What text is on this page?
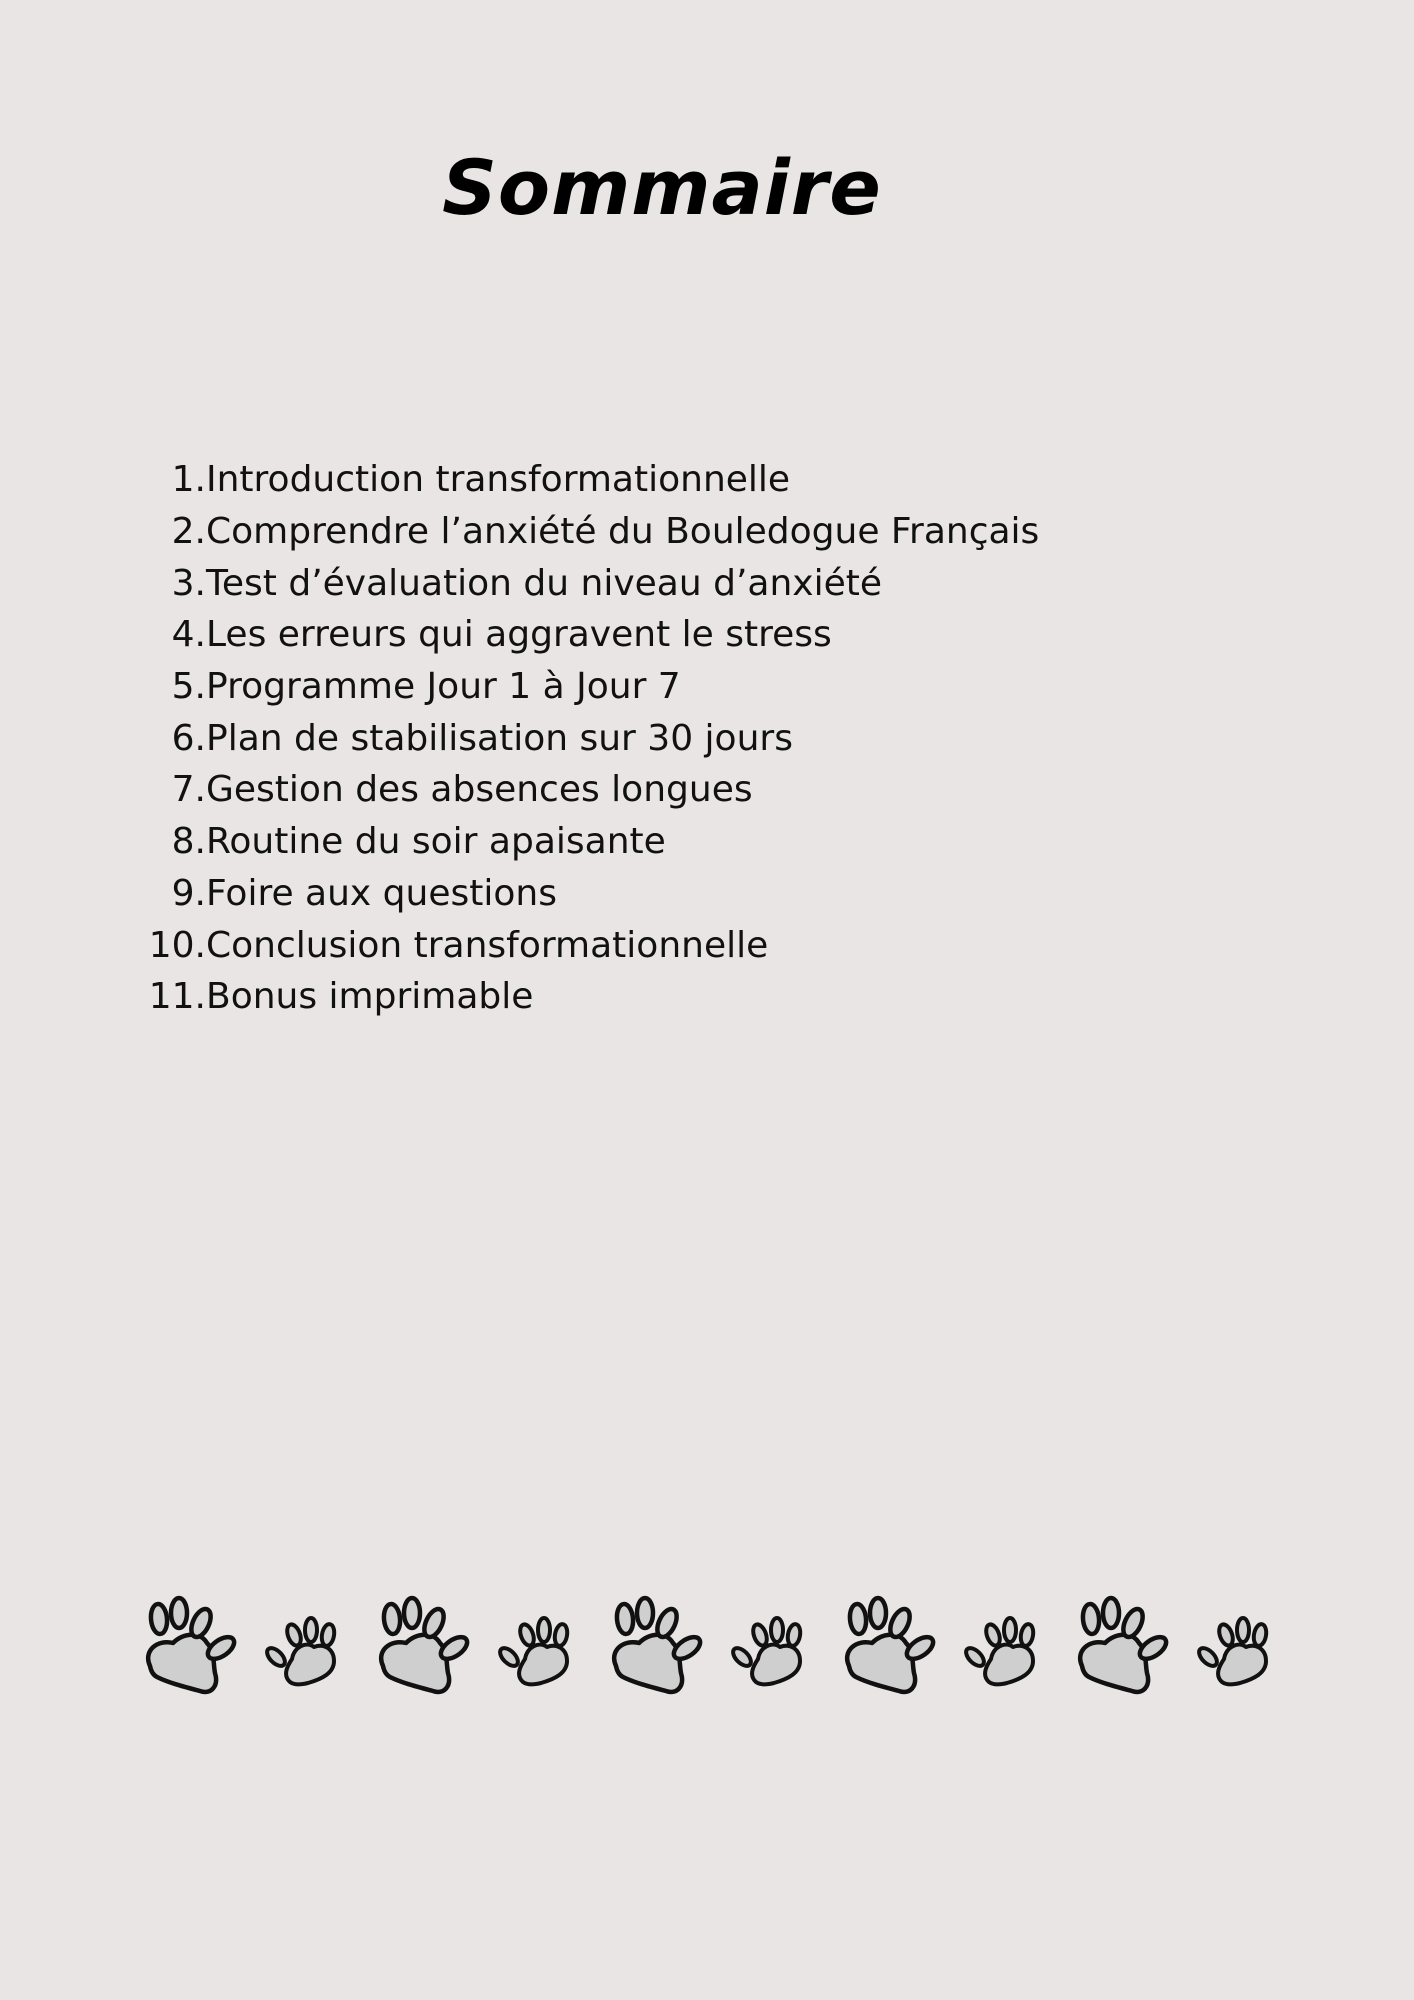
Sommaire
1. Introduction transformationnelle
2. Comprendre l’anxiété du Bouledogue Français
3. Test d’évaluation du niveau d’anxiété
4. Les erreurs qui aggravent le stress
5. Programme Jour 1 à Jour 7
6. Plan de stabilisation sur 30 jours
7. Gestion des absences longues
8. Routine du soir apaisante
9. Foire aux questions
10. Conclusion transformationnelle
11. Bonus imprimable
